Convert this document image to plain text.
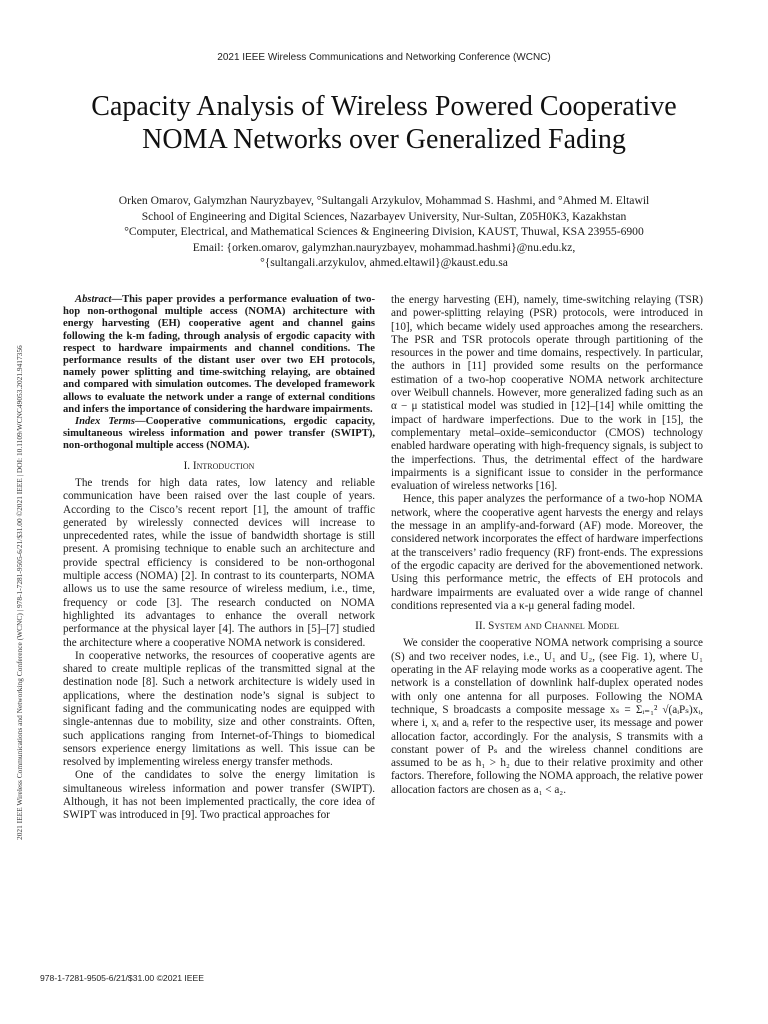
2021 IEEE Wireless Communications and Networking Conference (WCNC)
Capacity Analysis of Wireless Powered Cooperative
NOMA Networks over Generalized Fading
Orken Omarov, Galymzhan Nauryzbayev, °Sultangali Arzykulov, Mohammad S. Hashmi, and °Ahmed M. Eltawil
School of Engineering and Digital Sciences, Nazarbayev University, Nur-Sultan, Z05H0K3, Kazakhstan
°Computer, Electrical, and Mathematical Sciences & Engineering Division, KAUST, Thuwal, KSA 23955-6900
Email: {orken.omarov, galymzhan.nauryzbayev, mohammad.hashmi}@nu.edu.kz,
°{sultangali.arzykulov, ahmed.eltawil}@kaust.edu.sa
2021 IEEE Wireless Communications and Networking Conference (WCNC) | 978-1-7281-9505-6/21/$31.00 ©2021 IEEE | DOI: 10.1109/WCNC49053.2021.9417356

Abstract—This paper provides a performance evaluation of two-hop non-orthogonal multiple access (NOMA) architecture with energy harvesting (EH) cooperative agent and channel gains following the k-m fading, through analysis of ergodic capacity with respect to hardware impairments and channel conditions. The performance results of the distant user over two EH protocols, namely power splitting and time-switching relaying, are obtained and compared with simulation outcomes. The developed framework allows to evaluate the network under a range of external conditions and infers the importance of considering the hardware impairments.

Index Terms—Cooperative communications, ergodic capacity, simultaneous wireless information and power transfer (SWIPT), non-orthogonal multiple access (NOMA).

I. Introduction

The trends for high data rates, low latency and reliable communication have been raised over the last couple of years. According to the Cisco’s recent report [1], the amount of traffic generated by wirelessly connected devices will increase to unprecedented rates, while the issue of bandwidth shortage is still present. A promising technique to enable such an architecture and provide spectral efficiency is considered to be non-orthogonal multiple access (NOMA) [2]. In contrast to its counterparts, NOMA allows us to use the same resource of wireless medium, i.e., time, frequency or code [3]. The research conducted on NOMA highlighted its advantages to enhance the overall network performance at the physical layer [4]. The authors in [5]–[7] studied the architecture where a cooperative NOMA network is considered.

In cooperative networks, the resources of cooperative agents are shared to create multiple replicas of the transmitted signal at the destination node [8]. Such a network architecture is widely used in applications, where the destination node’s signal is subject to significant fading and the communicating nodes are equipped with single-antennas due to mobility, size and other constraints. Often, such applications ranging from Internet-of-Things to biomedical sensors experience energy limitations as well. This issue can be resolved by implementing wireless energy transfer methods.

One of the candidates to solve the energy limitation is simultaneous wireless information and power transfer (SWIPT). Although, it has not been implemented practically, the core idea of SWIPT was introduced in [9]. Two practical approaches for

the energy harvesting (EH), namely, time-switching relaying (TSR) and power-splitting relaying (PSR) protocols, were introduced in [10], which became widely used approaches among the researchers. The PSR and TSR protocols operate through partitioning of the resources in the power and time domains, respectively. In particular, the authors in [11] provided some results on the performance estimation of a two-hop cooperative NOMA network architecture over Weibull channels. However, more generalized fading such as an α − μ statistical model was studied in [12]–[14] while omitting the impact of hardware imperfections. Due to the work in [15], the complementary metal–oxide–semiconductor (CMOS) technology enabled hardware operating with high-frequency signals, is subject to the imperfections. Thus, the detrimental effect of the hardware impairments is a significant issue to consider in the performance evaluation of wireless networks [16].

Hence, this paper analyzes the performance of a two-hop NOMA network, where the cooperative agent harvests the energy and relays the message in an amplify-and-forward (AF) mode. Moreover, the considered network incorporates the effect of hardware imperfections at the transceivers’ radio frequency (RF) front-ends. The expressions of the ergodic capacity are derived for the abovementioned network. Using this performance metric, the effects of EH protocols and hardware impairments are evaluated over a wide range of channel conditions represented via a κ-μ general fading model.

II. System and Channel Model

We consider the cooperative NOMA network comprising a source (S) and two receiver nodes, i.e., U₁ and U₂, (see Fig. 1), where U₁ operating in the AF relaying mode works as a cooperative agent. The network is a constellation of downlink half-duplex operated nodes with only one antenna for all purposes. Following the NOMA technique, S broadcasts a composite message xₛ = Σᵢ₌₁² √(aᵢPₛ)xᵢ, where i, xᵢ and aᵢ refer to the respective user, its message and power allocation factor, accordingly. For the analysis, S transmits with a constant power of Pₛ and the wireless channel conditions are assumed to be as h₁ > h₂ due to their relative proximity and other factors. Therefore, following the NOMA approach, the relative power allocation factors are chosen as a₁ < a₂.

978-1-7281-9505-6/21/$31.00 ©2021 IEEE
